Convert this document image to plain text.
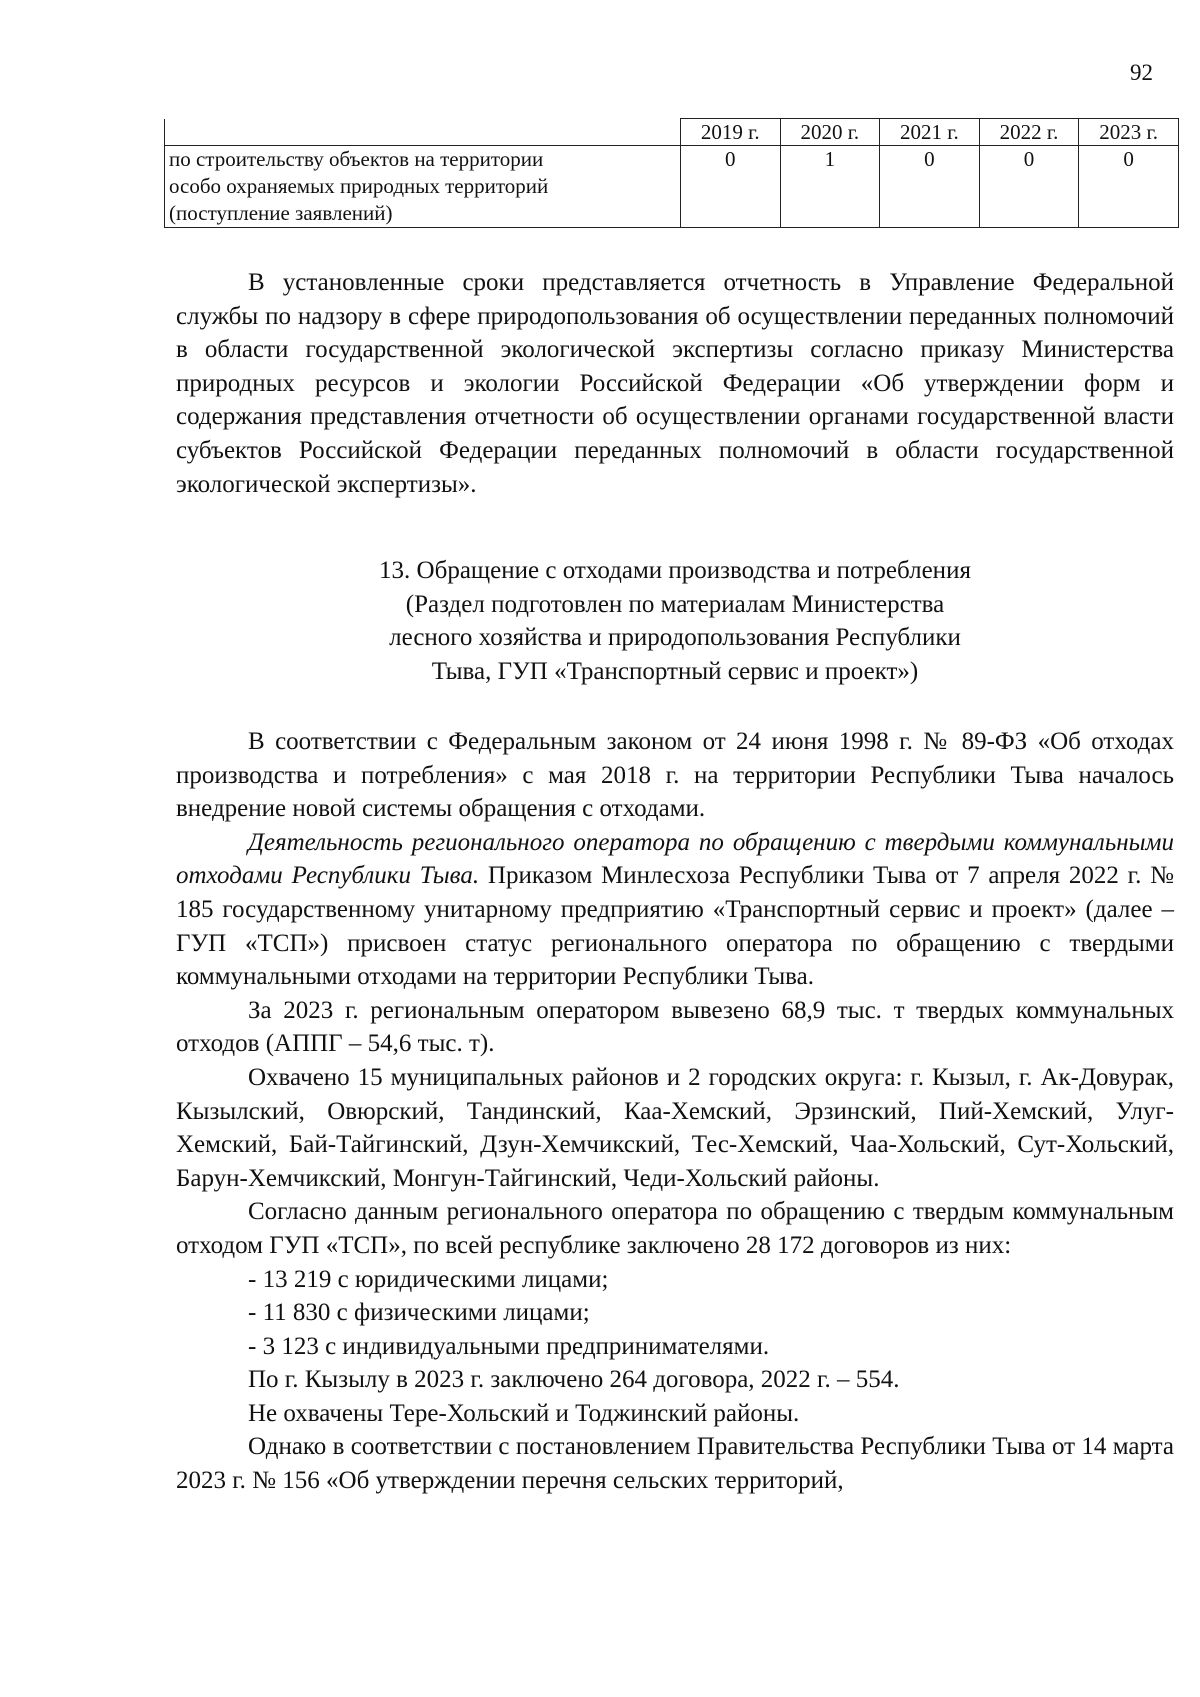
92
	2019 г.	2020 г.	2021 г.	2022 г.	2023 г.

по строительству объектов на территории
особо охраняемых природных территорий
(поступление заявлений)	0	1	0	0	0

В установленные сроки представляется отчетность в Управление Федеральной службы по надзору в сфере природопользования об осуществлении переданных полномочий в области государственной экологической экспертизы согласно приказу Министерства природных ресурсов и экологии Российской Федерации «Об утверждении форм и содержания представления отчетности об осуществлении органами государственной власти субъектов Российской Федерации переданных полномочий в области государственной экологической экспертизы».

13. Обращение с отходами производства и потребления
(Раздел подготовлен по материалам Министерства
лесного хозяйства и природопользования Республики
Тыва, ГУП «Транспортный сервис и проект»)

В соответствии с Федеральным законом от 24 июня 1998 г. № 89-ФЗ «Об отходах производства и потребления» с мая 2018 г. на территории Республики Тыва началось внедрение новой системы обращения с отходами.

Деятельность регионального оператора по обращению с твердыми коммунальными отходами Республики Тыва. Приказом Минлесхоза Республики Тыва от 7 апреля 2022 г. № 185 государственному унитарному предприятию «Транспортный сервис и проект» (далее – ГУП «ТСП») присвоен статус регионального оператора по обращению с твердыми коммунальными отходами на территории Республики Тыва.

За 2023 г. региональным оператором вывезено 68,9 тыс. т твердых коммунальных отходов (АППГ – 54,6 тыс. т).

Охвачено 15 муниципальных районов и 2 городских округа: г. Кызыл, г. Ак-Довурак, Кызылский, Овюрский, Тандинский, Каа-Хемский, Эрзинский, Пий-Хемский, Улуг-Хемский, Бай-Тайгинский, Дзун-Хемчикский, Тес-Хемский, Чаа-Хольский, Сут-Хольский, Барун-Хемчикский, Монгун-Тайгинский, Чеди-Хольский районы.

Согласно данным регионального оператора по обращению с твердым коммунальным отходом ГУП «ТСП», по всей республике заключено 28 172 договоров из них:

- 13 219 с юридическими лицами;

- 11 830 с физическими лицами;

- 3 123 с индивидуальными предпринимателями.

По г. Кызылу в 2023 г. заключено 264 договора, 2022 г. – 554.

Не охвачены Тере-Хольский и Тоджинский районы.

Однако в соответствии с постановлением Правительства Республики Тыва от 14 марта 2023 г. № 156 «Об утверждении перечня сельских территорий,
